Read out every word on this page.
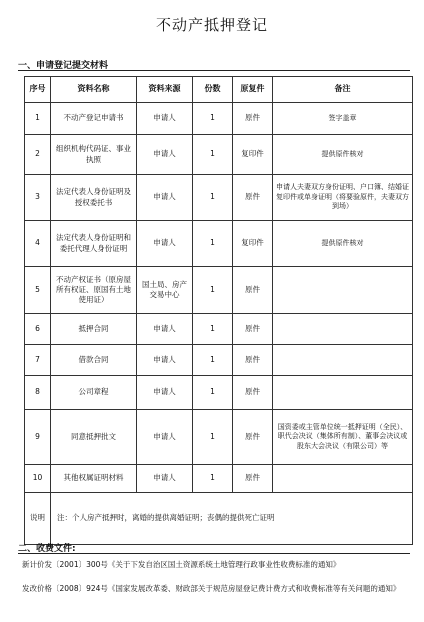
不动产抵押登记
一、申请登记提交材料
序号	资料名称	资料来源	份数	原复件	备注
1	不动产登记申请书	申请人	1	原件	签字盖章
2	组织机构代码证、事业执照	申请人	1	复印件	提供原件核对
3	法定代表人身份证明及授权委托书	申请人	1	原件	申请人夫妻双方身份证明、户口簿、结婚证复印件或单身证明（将要验原件，夫妻双方到场）
4	法定代表人身份证明和委托代理人身份证明	申请人	1	复印件	提供原件核对
5	不动产权证书（原房屋所有权证、原国有土地使用证）	国土局、房产交易中心	1	原件	
6	抵押合同	申请人	1	原件	
7	借款合同	申请人	1	原件	
8	公司章程	申请人	1	原件	
9	同意抵押批文	申请人	1	原件	国资委或主管单位统一抵押证明（全民）、职代会决议（集体所有制）、董事会决议或股东大会决议（有限公司）等
10	其他权属证明材料	申请人	1	原件	
说明	注：个人房产抵押时，离婚的提供离婚证明；丧偶的提供死亡证明				
二、收费文件:
新计价发〔2001〕300号《关于下发自治区国土资源系统土地管理行政事业性收费标准的通知》
发改价格〔2008〕924号《国家发展改革委、财政部关于规范房屋登记费计费方式和收费标准等有关问题的通知》
